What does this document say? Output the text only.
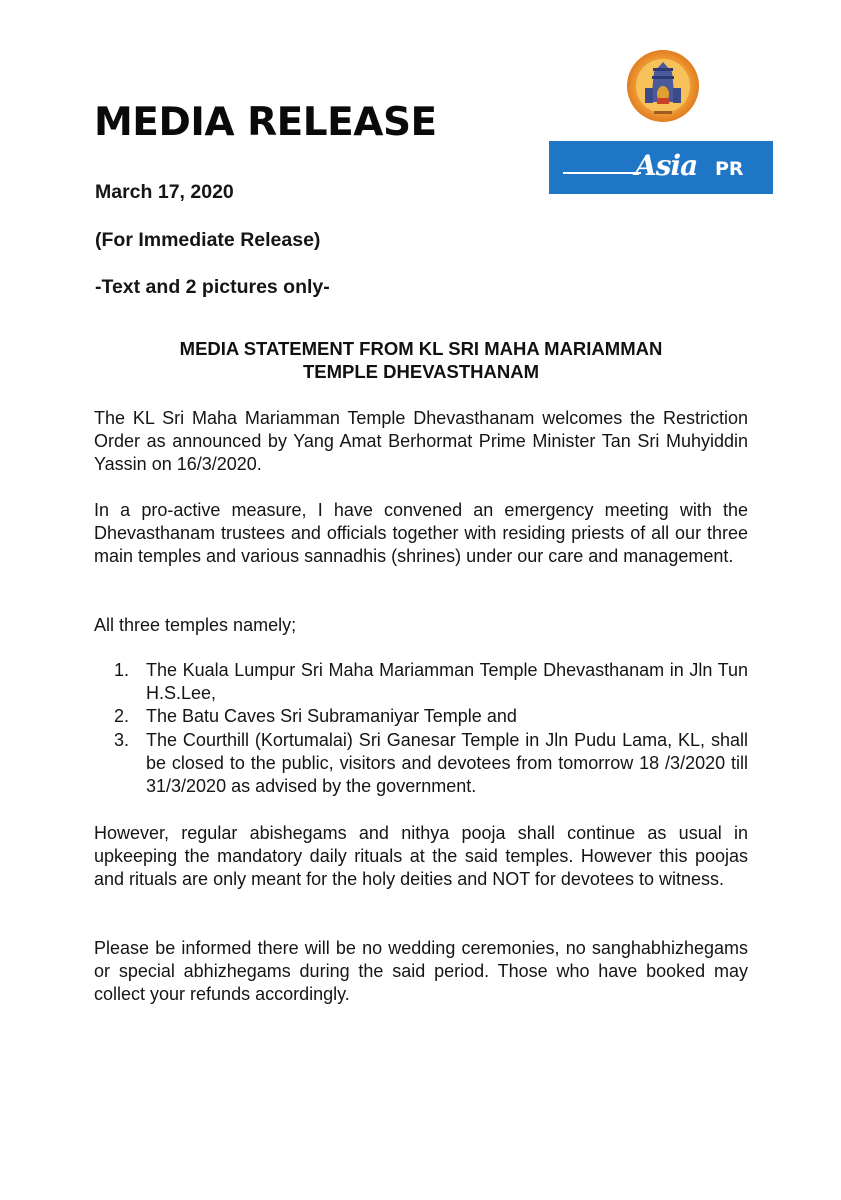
MEDIA RELEASE
March 17, 2020
(For Immediate Release)
-Text and 2 pictures only-
Asia PR
MEDIA STATEMENT FROM KL SRI MAHA MARIAMMAN
TEMPLE DHEVASTHANAM

The KL Sri Maha Mariamman Temple Dhevasthanam welcomes the Restriction Order as announced by Yang Amat Berhormat Prime Minister Tan Sri Muhyiddin Yassin on 16/3/2020.

In a pro-active measure, I have convened an emergency meeting with the Dhevasthanam trustees and officials together with residing priests of all our three main temples and various sannadhis (shrines) under our care and management.

All three temples namely;

1. The Kuala Lumpur Sri Maha Mariamman Temple Dhevasthanam in Jln Tun H.S.Lee,
2. The Batu Caves Sri Subramaniyar Temple and
3. The Courthill (Kortumalai) Sri Ganesar Temple in Jln Pudu Lama, KL, shall be closed to the public, visitors and devotees from tomorrow 18 /3/2020 till 31/3/2020 as advised by the government.

However, regular abishegams and nithya pooja shall continue as usual in upkeeping the mandatory daily rituals at the said temples. However this poojas and rituals are only meant for the holy deities and NOT for devotees to witness.

Please be informed there will be no wedding ceremonies, no sanghabhizhegams or special abhizhegams during the said period. Those who have booked may collect your refunds accordingly.
